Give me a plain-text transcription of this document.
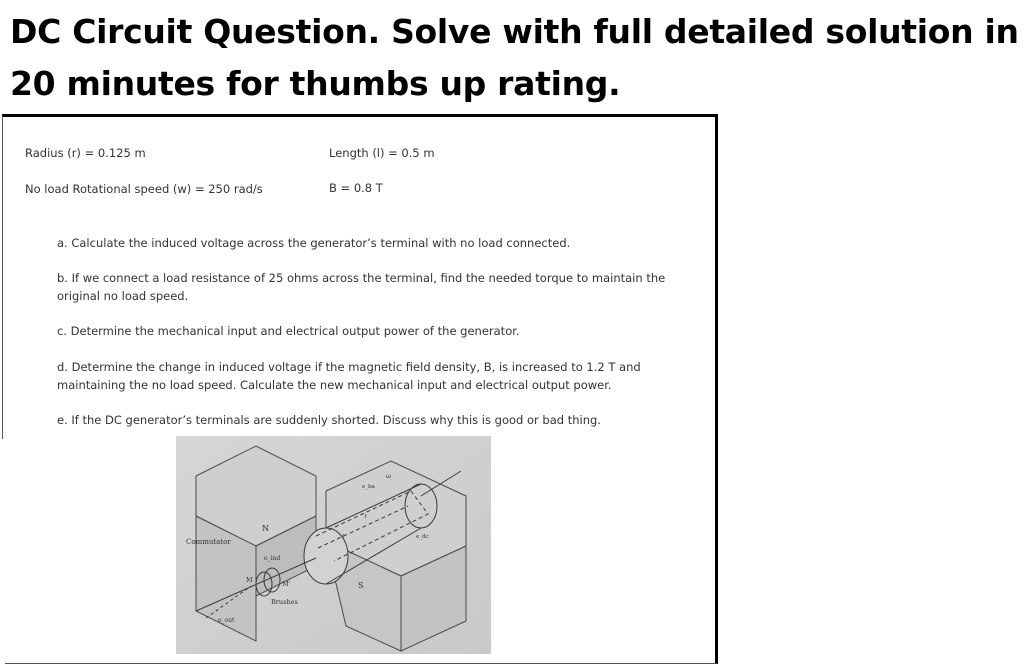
DC Circuit Question. Solve with full detailed solution in 20 minutes for thumbs up rating.
Radius (r) = 0.125 m	Length (l) = 0.5 m
No load Rotational speed (w) = 250 rad/s	B = 0.8 T
a. Calculate the induced voltage across the generator’s terminal with no load connected.
b. If we connect a load resistance of 25 ohms across the terminal, find the needed torque to maintain the original no load speed.
c. Determine the mechanical input and electrical output power of the generator.
d. Determine the change in induced voltage if the magnetic field density, B, is increased to 1.2 T and maintaining the no load speed. Calculate the new mechanical input and electrical output power.
e. If the DC generator’s terminals are suddenly shorted. Discuss why this is good or bad thing.
Commutator
Brushes
N
S
M	M'
e_ind
e_out
e_ba
e_dc
ω
ℓ
r
